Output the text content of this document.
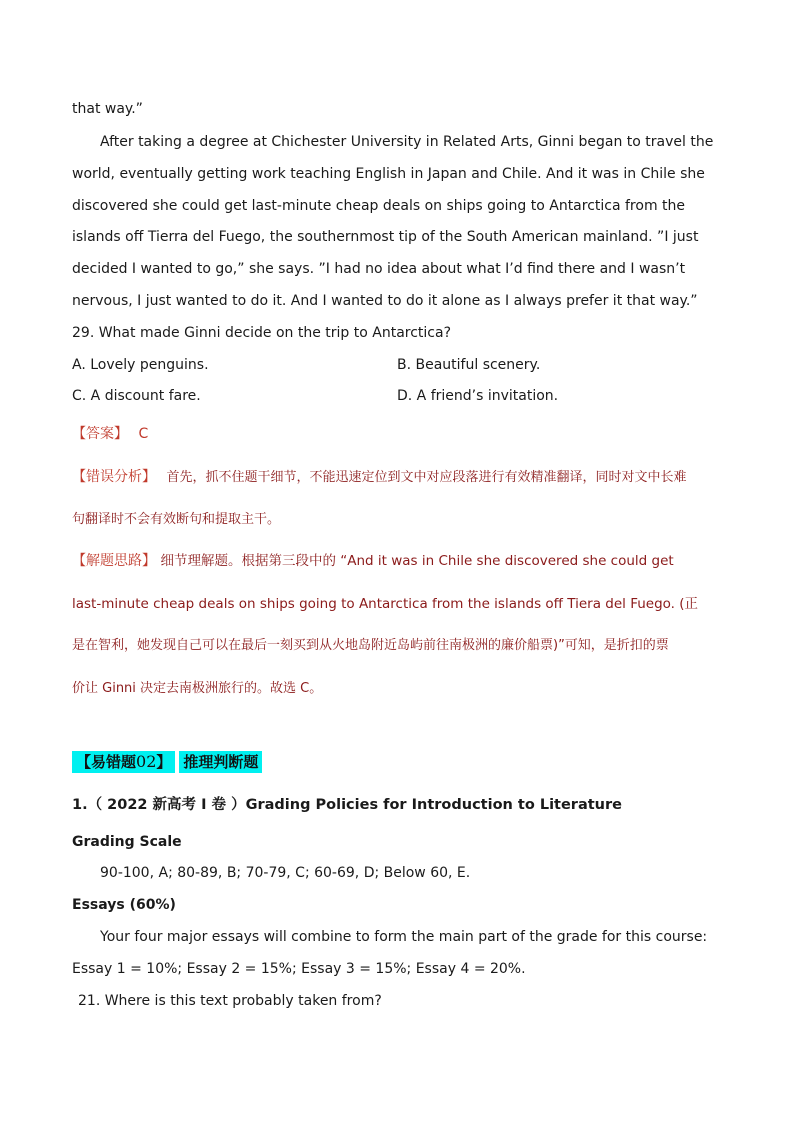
that way.”
After taking a degree at Chichester University in Related Arts, Ginni began to travel the
world, eventually getting work teaching English in Japan and Chile. And it was in Chile she
discovered she could get last-minute cheap deals on ships going to Antarctica from the
islands off Tierra del Fuego, the southernmost tip of the South American mainland. ”I just
decided I wanted to go,” she says. ”I had no idea about what I’d find there and I wasn’t
nervous, I just wanted to do it. And I wanted to do it alone as I always prefer it that way.”
29. What made Ginni decide on the trip to Antarctica?
A. Lovely penguins.	B. Beautiful scenery.
C. A discount fare.	D. A friend’s invitation.
【答案】 C
【错误分析】 首先，抓不住题干细节，不能迅速定位到文中对应段落进行有效精准翻译，同时对文中长难
句翻译时不会有效断句和提取主干。
【解题思路】 细节理解题。根据第三段中的 “And it was in Chile she discovered she could get
last-minute cheap deals on ships going to Antarctica from the islands off Tiera del Fuego. (正
是在智利，她发现自己可以在最后一刻买到从火地岛附近岛屿前往南极洲的廉价船票)”可知，是折扣的票
价让 Ginni 决定去南极洲旅行的。故选 C。
【易错题02】 推理判断题
1.（ 2022 新高考 I 卷 ）Grading Policies for Introduction to Literature
Grading Scale
90-100, A; 80-89, B; 70-79, C; 60-69, D; Below 60, E.
Essays (60%)
Your four major essays will combine to form the main part of the grade for this course:
Essay 1 = 10%; Essay 2 = 15%; Essay 3 = 15%; Essay 4 = 20%.
21. Where is this text probably taken from?
